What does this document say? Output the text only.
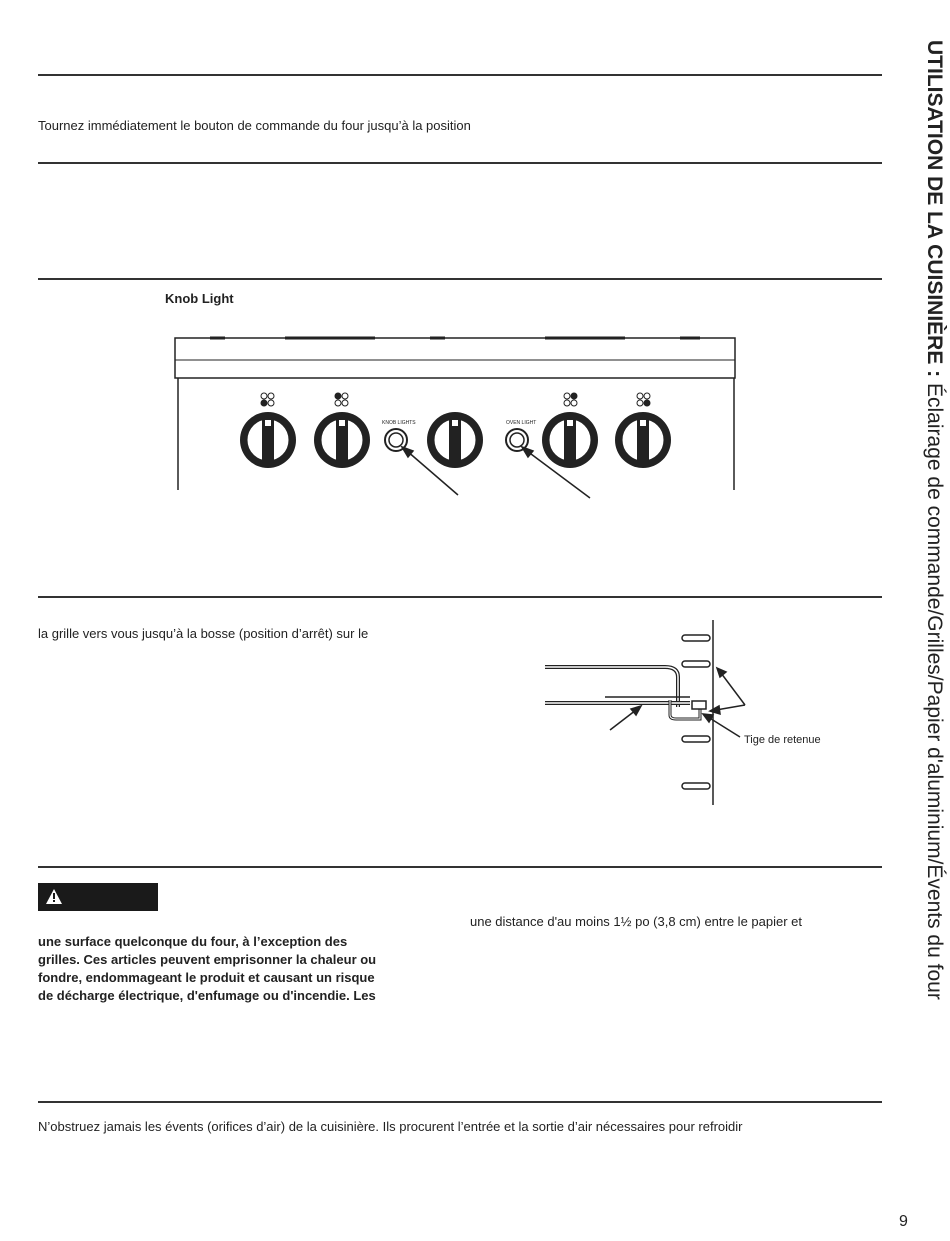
Tournez immédiatement le bouton de commande du four jusqu’à la position
Knob Light
KNOB LIGHTS	OVEN LIGHT
la grille vers vous jusqu’à la bosse (position d’arrêt) sur le
Tige de retenue
une distance d'au moins 1½ po (3,8 cm) entre le papier et
une surface quelconque du four, à l’exception des
grilles. Ces articles peuvent emprisonner la chaleur ou
fondre, endommageant le produit et causant un risque
de décharge électrique, d'enfumage ou d'incendie. Les
N’obstruez jamais les évents (orifices d’air) de la cuisinière. Ils procurent l’entrée et la sortie d’air nécessaires pour refroidir
UTILISATION DE LA CUISINIÈRE : Éclairage de commande/Grilles/Papier d'aluminium/Évents du four
9
